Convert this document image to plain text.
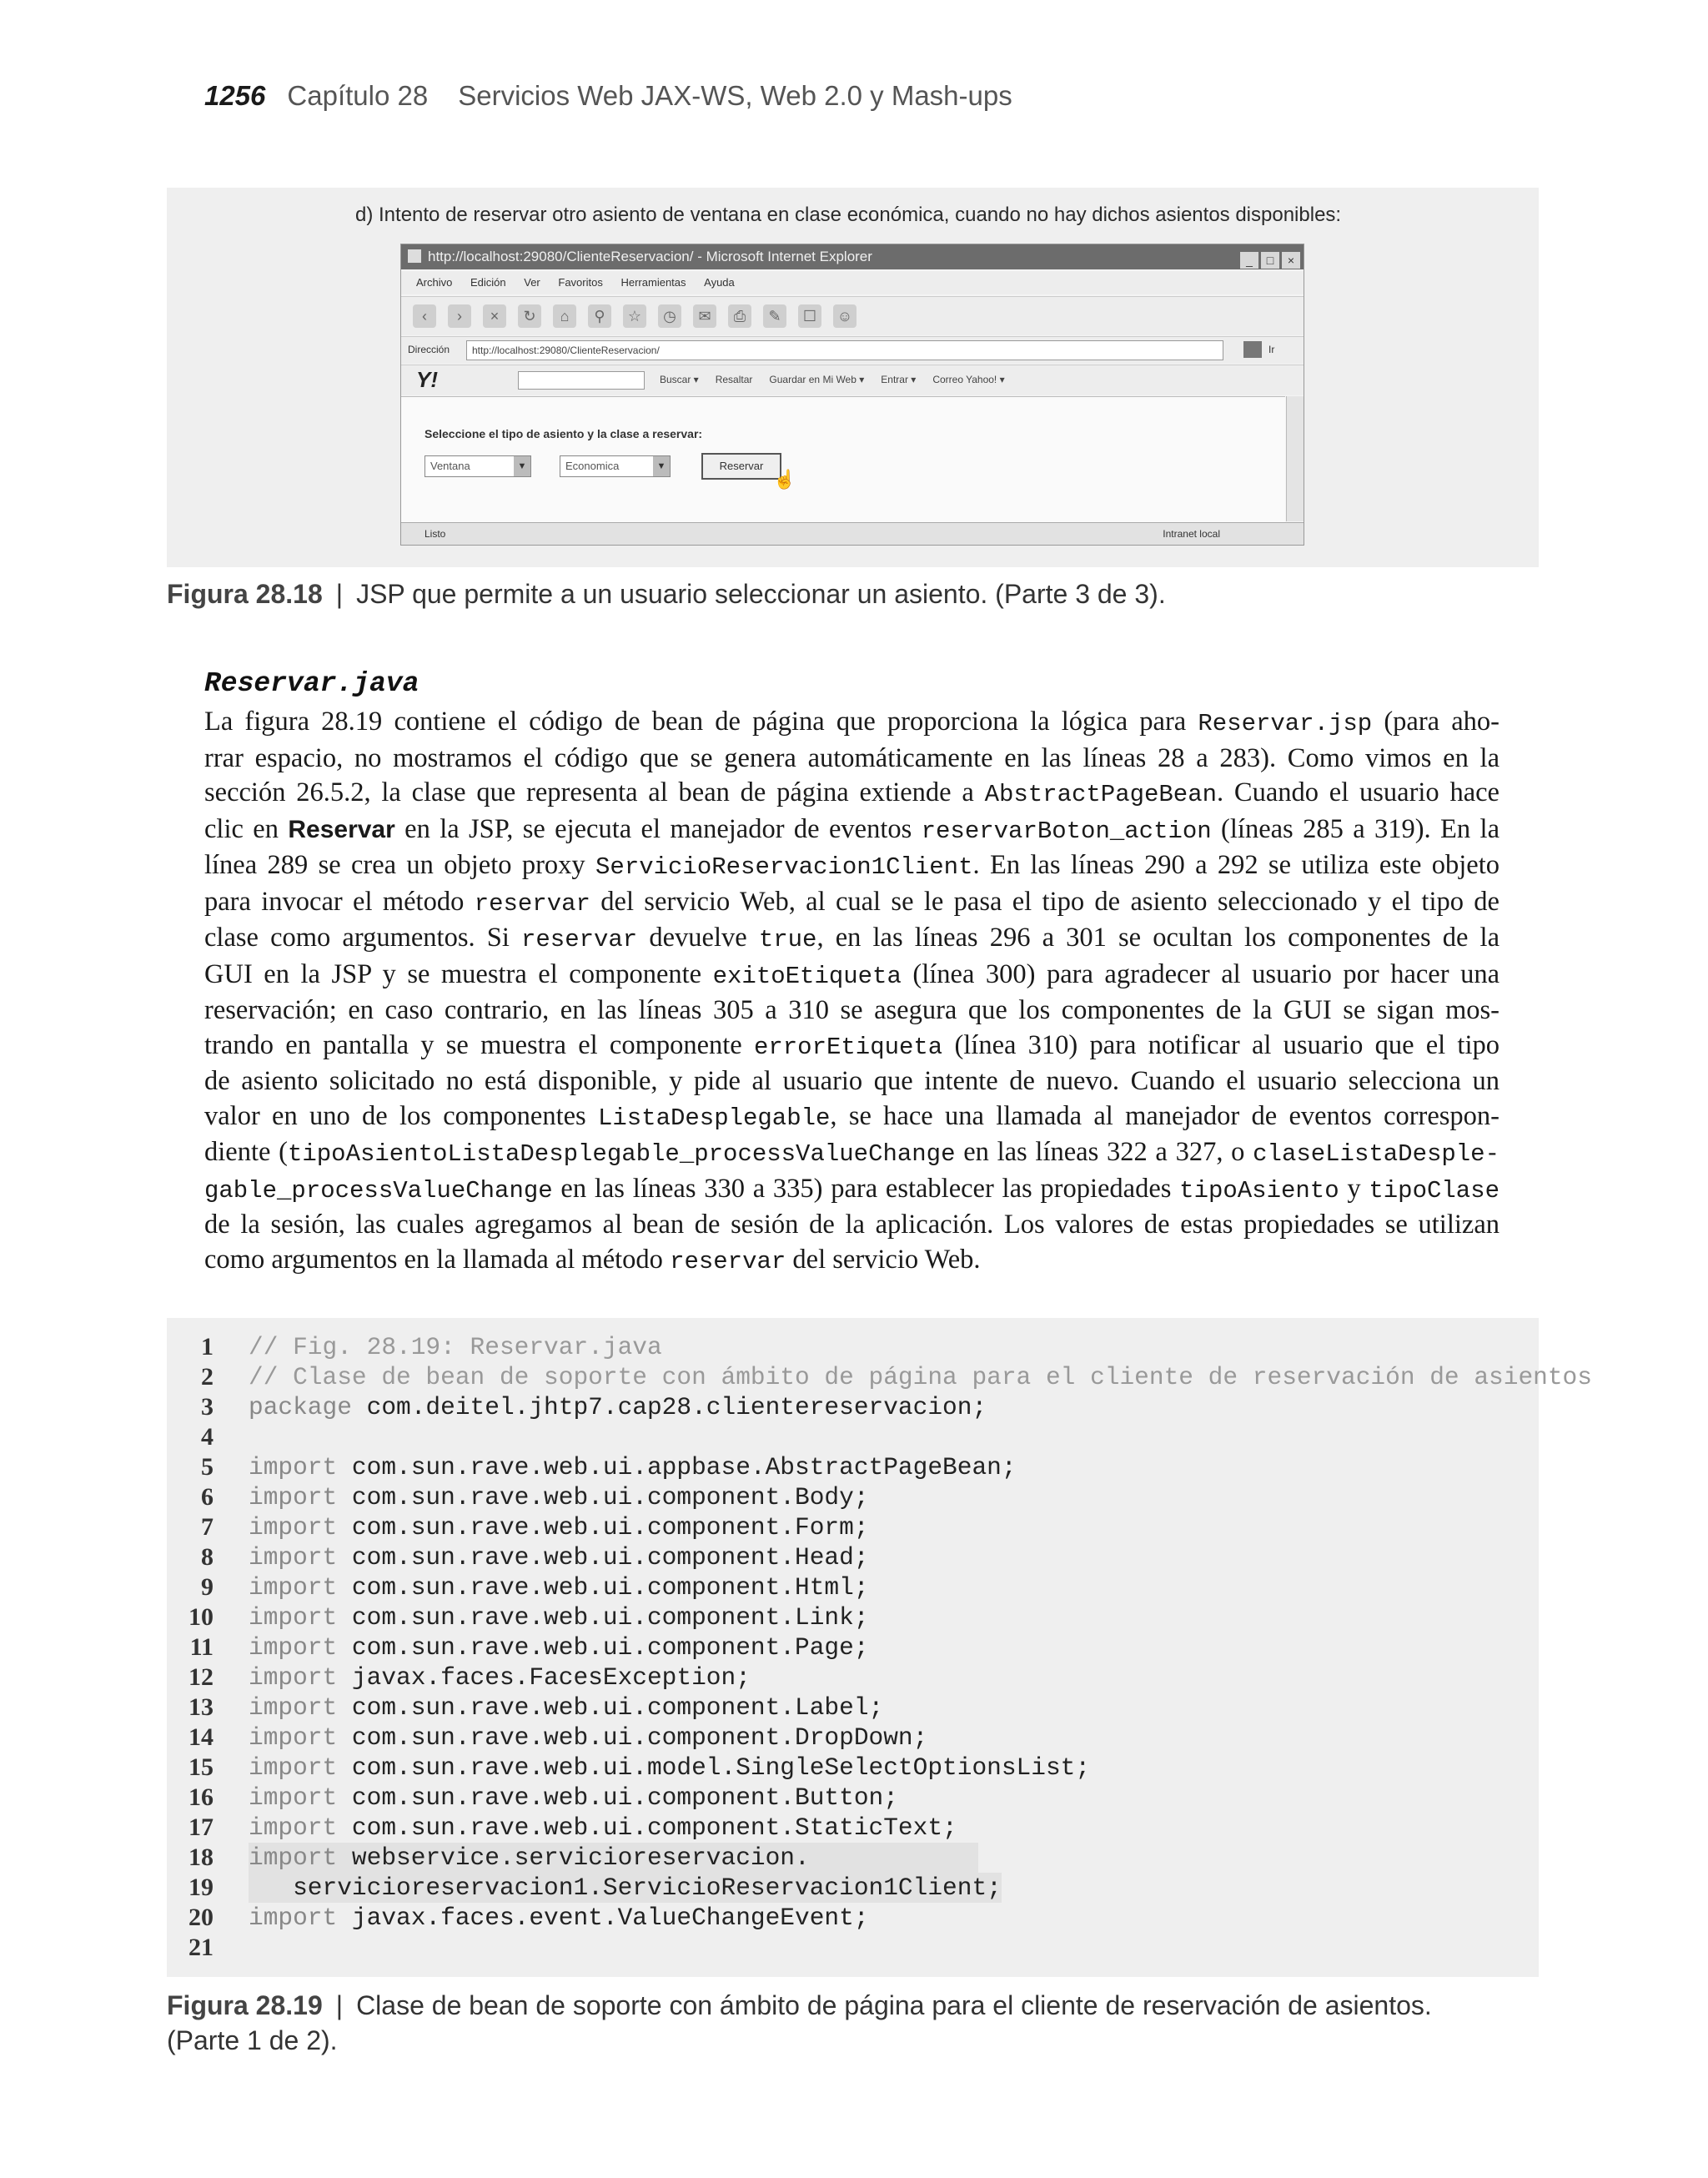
1256 Capítulo 28 Servicios Web JAX-WS, Web 2.0 y Mash-ups
d) Intento de reservar otro asiento de ventana en clase económica, cuando no hay dichos asientos disponibles:
http://localhost:29080/ClienteReservacion/ - Microsoft Internet Explorer	_ □ ×
Archivo Edición Ver Favoritos Herramientas Ayuda
‹ › × ↻ ⌂ ⚲ ☆ ◷ ✉ ⎙ ✎ ☐ ☺
Dirección	http://localhost:29080/ClienteReservacion/	Ir
Y!	Buscar ▾ Resaltar Guardar en Mi Web ▾ Entrar ▾ Correo Yahoo! ▾
Seleccione el tipo de asiento y la clase a reservar:
Ventana	▼	Economica	▼	Reservar
☝
Listo	Intranet local
Figura 28.18 | JSP que permite a un usuario seleccionar un asiento. (Parte 3 de 3).
Reservar.java
La figura 28.19 contiene el código de bean de página que proporciona la lógica para Reservar.jsp (para aho-
rrar espacio, no mostramos el código que se genera automáticamente en las líneas 28 a 283). Como vimos en la
sección 26.5.2, la clase que representa al bean de página extiende a AbstractPageBean. Cuando el usuario hace
clic en Reservar en la JSP, se ejecuta el manejador de eventos reservarBoton_action (líneas 285 a 319). En la
línea 289 se crea un objeto proxy ServicioReservacion1Client. En las líneas 290 a 292 se utiliza este objeto
para invocar el método reservar del servicio Web, al cual se le pasa el tipo de asiento seleccionado y el tipo de
clase como argumentos. Si reservar devuelve true, en las líneas 296 a 301 se ocultan los componentes de la
GUI en la JSP y se muestra el componente exitoEtiqueta (línea 300) para agradecer al usuario por hacer una
reservación; en caso contrario, en las líneas 305 a 310 se asegura que los componentes de la GUI se sigan mos-
trando en pantalla y se muestra el componente errorEtiqueta (línea 310) para notificar al usuario que el tipo
de asiento solicitado no está disponible, y pide al usuario que intente de nuevo. Cuando el usuario selecciona un
valor en uno de los componentes ListaDesplegable, se hace una llamada al manejador de eventos correspon-
diente (tipoAsientoListaDesplegable_processValueChange en las líneas 322 a 327, o claseListaDesple-
gable_processValueChange en las líneas 330 a 335) para establecer las propiedades tipoAsiento y tipoClase
de la sesión, las cuales agregamos al bean de sesión de la aplicación. Los valores de estas propiedades se utilizan
como argumentos en la llamada al método reservar del servicio Web.
1 // Fig. 28.19: Reservar.java
2 // Clase de bean de soporte con ámbito de página para el cliente de reservación de asientos
3 package com.deitel.jhtp7.cap28.clientereservacion;
4
5 import com.sun.rave.web.ui.appbase.AbstractPageBean;
6 import com.sun.rave.web.ui.component.Body;
7 import com.sun.rave.web.ui.component.Form;
8 import com.sun.rave.web.ui.component.Head;
9 import com.sun.rave.web.ui.component.Html;
10 import com.sun.rave.web.ui.component.Link;
11 import com.sun.rave.web.ui.component.Page;
12 import javax.faces.FacesException;
13 import com.sun.rave.web.ui.component.Label;
14 import com.sun.rave.web.ui.component.DropDown;
15 import com.sun.rave.web.ui.model.SingleSelectOptionsList;
16 import com.sun.rave.web.ui.component.Button;
17 import com.sun.rave.web.ui.component.StaticText;
18 import webservice.servicioreservacion.
19 servicioreservacion1.ServicioReservacion1Client;
20 import javax.faces.event.ValueChangeEvent;
21
Figura 28.19 | Clase de bean de soporte con ámbito de página para el cliente de reservación de asientos.
(Parte 1 de 2).
